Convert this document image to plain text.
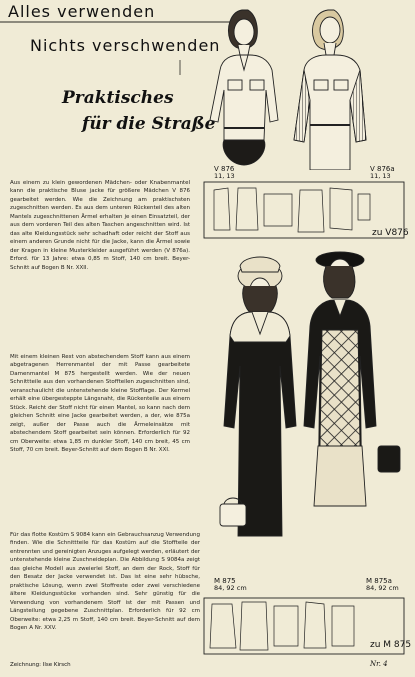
Alles verwenden
Nichts verschwenden
Praktisches
für die Straße
V 876
11, 13
V 876a
11, 13
zu V876
M 875
84, 92 cm
M 875a
84, 92 cm
zu M 875
Aus einem zu klein gewordenen Mädchen- oder Knabenmantel kann die praktische Bluse jacke für größere Mädchen V 876 gearbeitet werden. Wie die Zeichnung am praktischsten zugeschnitten werden. Es aus dem unteren Rückenteil des alten Mantels zugeschnittenen Ärmel erhalten je einen Einsatzteil, der aus dem vorderen Teil des alten Taschen angeschnitten wird. Ist das alte Kleidungsstück sehr schadhaft oder reicht der Stoff aus einem anderen Grunde nicht für die Jacke, kann die Ärmel sowie der Kragen in kleine Musterkleider ausgeführt werden (V 876a). Erford. für 13 Jahre: etwa 0,85 m Stoff, 140 cm breit. Beyer-Schnitt auf Bogen B Nr. XXII.
Mit einem kleinen Rest von abstechendem Stoff kann aus einem abgetragenen Herrenmantel der mit Passe gearbeitete Damenmantel M 875 hergestellt werden. Wie der neuen Schnittteile aus den vorhandenen Stoffteilen zugeschnitten sind, veranschaulicht die untenstehende kleine Stofflage. Der Kermel erhält eine übergesteppte Längsnaht, die Rückenteile aus einem Stück. Reicht der Stoff nicht für einen Mantel, so kann nach dem gleichen Schnitt eine Jacke gearbeitet werden, a der, wie 875a zeigt, außer der Passe auch die Ärmeleinsätze mit abstechendem Stoff gearbeitet sein können. Erforderlich für 92 cm Oberweite: etwa 1,85 m dunkler Stoff, 140 cm breit, 45 cm Stoff, 70 cm breit. Beyer-Schnitt auf dem Bogen B Nr. XXI.
Für das flotte Kostüm S 9084 kann ein Gebrauchsanzug Verwendung finden. Wie die Schnittteile für das Kostüm auf die Stoffteile der entrennten und gereinigten Anzuges aufgelegt werden, erläutert der untenstehende kleine Zuschneideplan. Die Abbildung S 9084a zeigt das gleiche Modell aus zweierlei Stoff, an dem der Rock, Stoff für den Besatz der Jacke verwendet ist. Das ist eine sehr hübsche, praktische Lösung, wenn zwei Stoffreste oder zwei verschiedene ältere Kleidungsstücke vorhanden sind. Sehr günstig für die Verwendung von vorhandenem Stoff ist der mit Passen und Längsteilung gegebene Zuschnittplan. Erforderlich für 92 cm Oberweite: etwa 2,25 m Stoff, 140 cm breit. Beyer-Schnitt auf dem Bogen A Nr. XXV.
Zeichnung: Ilse Kirsch	Nr. 4
